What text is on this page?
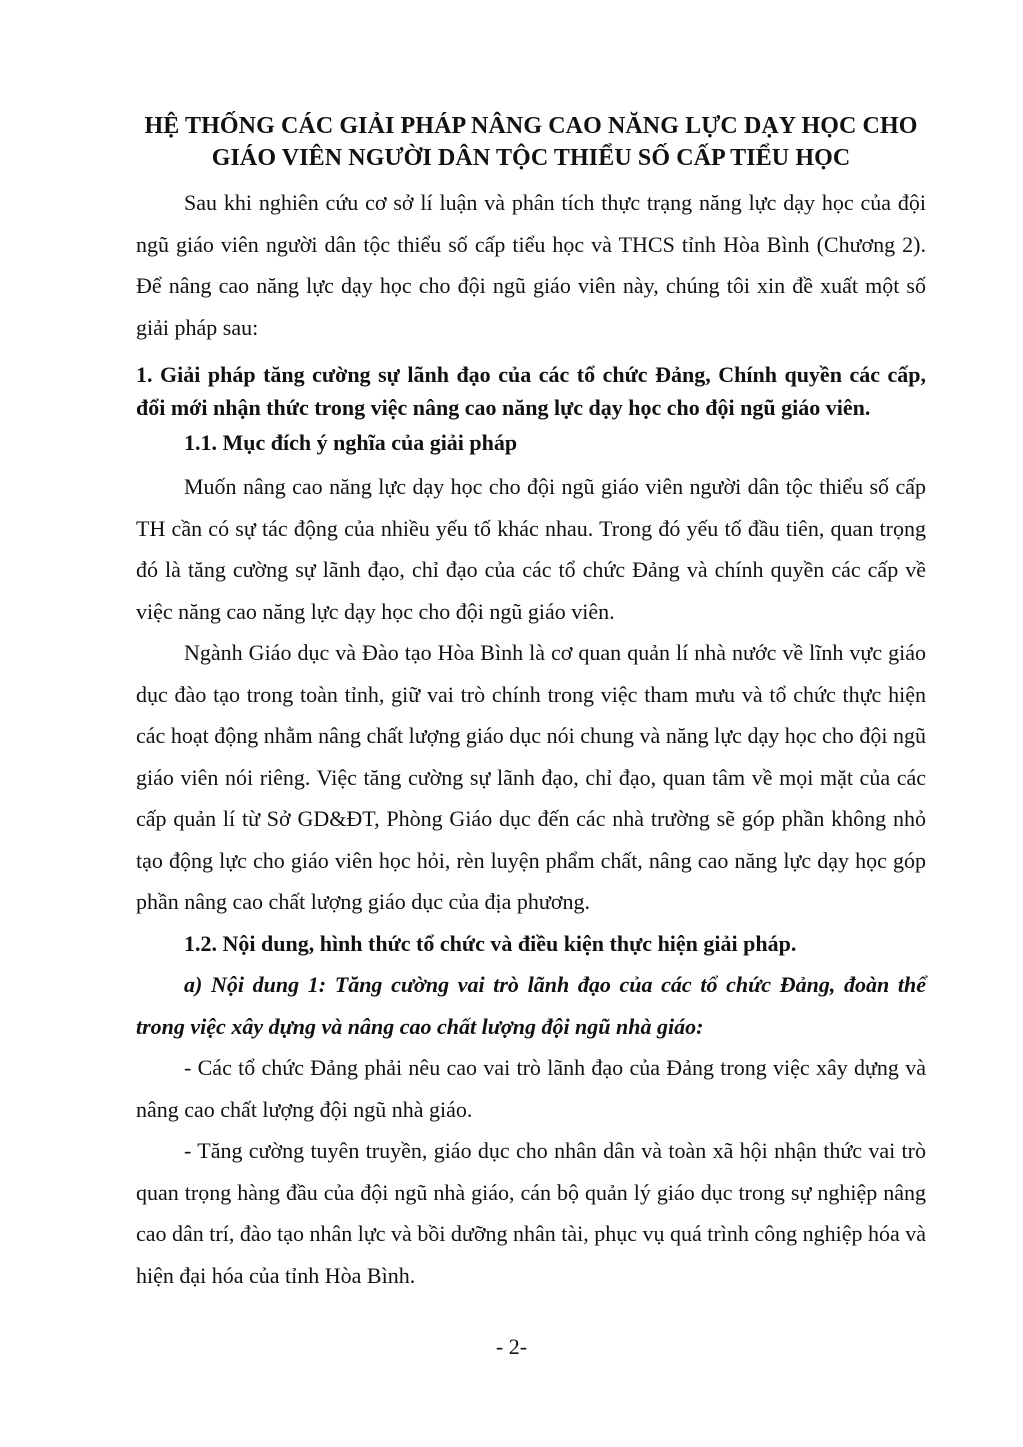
HỆ THỐNG CÁC GIẢI PHÁP NÂNG CAO NĂNG LỰC DẠY HỌC CHO
GIÁO VIÊN NGƯỜI DÂN TỘC THIỂU SỐ CẤP TIỂU HỌC

Sau khi nghiên cứu cơ sở lí luận và phân tích thực trạng năng lực dạy học của đội ngũ giáo viên người dân tộc thiểu số cấp tiểu học và THCS tỉnh Hòa Bình (Chương 2). Để nâng cao năng lực dạy học cho đội ngũ giáo viên này, chúng tôi xin đề xuất một số giải pháp sau:

1. Giải pháp tăng cường sự lãnh đạo của các tổ chức Đảng, Chính quyền các cấp, đổi mới nhận thức trong việc nâng cao năng lực dạy học cho đội ngũ giáo viên.
1.1. Mục đích ý nghĩa của giải pháp

Muốn nâng cao năng lực dạy học cho đội ngũ giáo viên người dân tộc thiểu số cấp TH cần có sự tác động của nhiều yếu tố khác nhau. Trong đó yếu tố đầu tiên, quan trọng đó là tăng cường sự lãnh đạo, chỉ đạo của các tổ chức Đảng và chính quyền các cấp về việc năng cao năng lực dạy học cho đội ngũ giáo viên.

Ngành Giáo dục và Đào tạo Hòa Bình là cơ quan quản lí nhà nước về lĩnh vực giáo dục đào tạo trong toàn tỉnh, giữ vai trò chính trong việc tham mưu và tổ chức thực hiện các hoạt động nhằm nâng chất lượng giáo dục nói chung và năng lực dạy học cho đội ngũ giáo viên nói riêng. Việc tăng cường sự lãnh đạo, chỉ đạo, quan tâm về mọi mặt của các cấp quản lí từ Sở GD&ĐT, Phòng Giáo dục đến các nhà trường sẽ góp phần không nhỏ tạo động lực cho giáo viên học hỏi, rèn luyện phẩm chất, nâng cao năng lực dạy học góp phần nâng cao chất lượng giáo dục của địa phương.

1.2. Nội dung, hình thức tổ chức và điều kiện thực hiện giải pháp.
a) Nội dung 1: Tăng cường vai trò lãnh đạo của các tổ chức Đảng, đoàn thể trong việc xây dựng và nâng cao chất lượng đội ngũ nhà giáo:

- Các tổ chức Đảng phải nêu cao vai trò lãnh đạo của Đảng trong việc xây dựng và nâng cao chất lượng đội ngũ nhà giáo.

- Tăng cường tuyên truyền, giáo dục cho nhân dân và toàn xã hội nhận thức vai trò quan trọng hàng đầu của đội ngũ nhà giáo, cán bộ quản lý giáo dục trong sự nghiệp nâng cao dân trí, đào tạo nhân lực và bồi dưỡng nhân tài, phục vụ quá trình công nghiệp hóa và hiện đại hóa của tỉnh Hòa Bình.

- 2-
